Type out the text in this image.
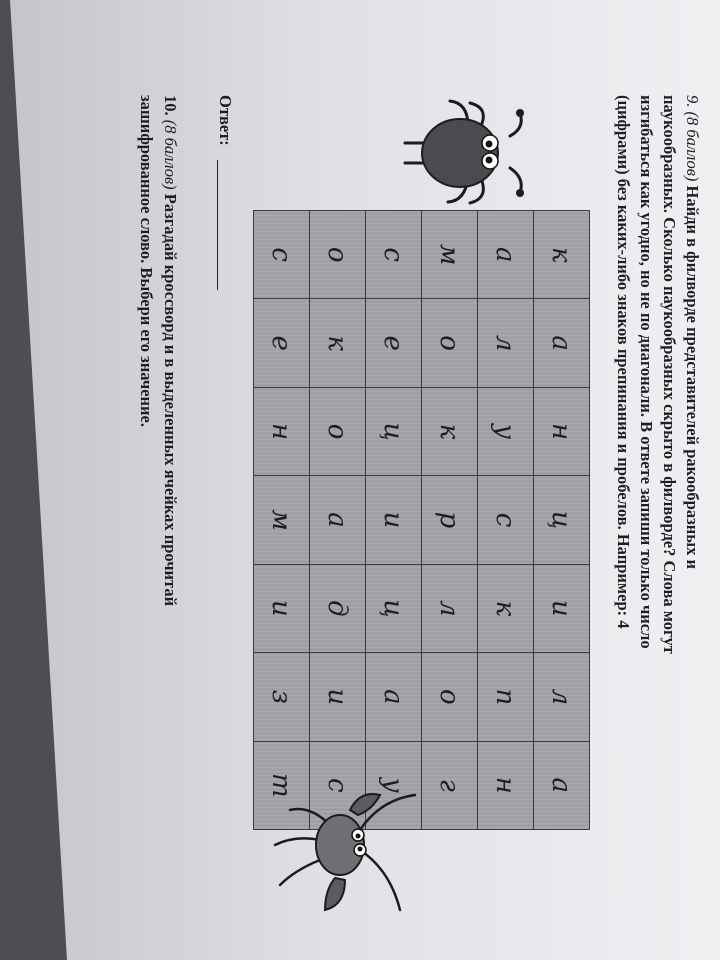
9. (8 баллов) Найди в филворде представителей ракообразных и
паукообразных. Сколько паукообразных скрыто в филворде? Слова могут
изгибаться как угодно, но не по диагонали. В ответе запиши только число
(цифрами) без каких-либо знаков препинания и пробелов. Например: 4
к	а	н	ц	и	л	а
а	л	у	с	к	п	н
м	о	к	р	л	о	г
с	е	ц	и	ц	а	у
о	к	о	а	д	и	с
с	е	н	м	и	з	т
Ответ:
10. (8 баллов) Разгадай кроссворд и в выделенных ячейках прочитай
зашифрованное слово. Выбери его значение.
